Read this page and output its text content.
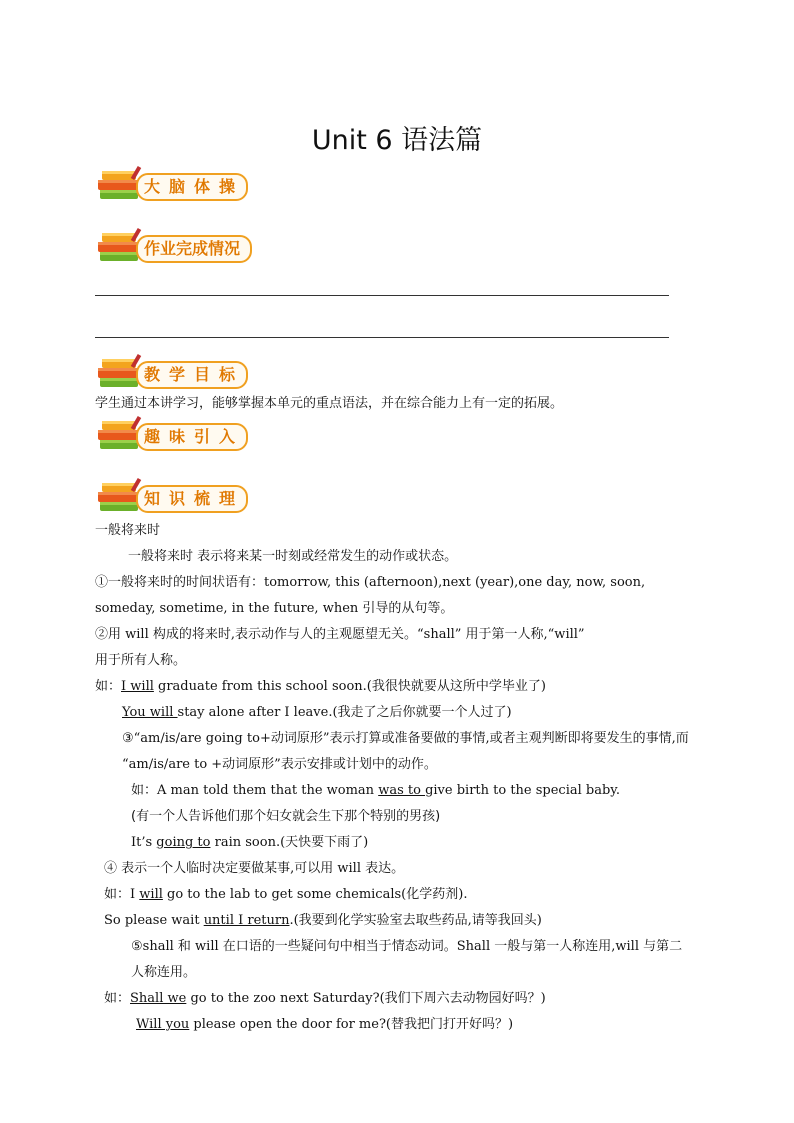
Unit 6 语法篇
大脑体操
作业完成情况
教学目标
学生通过本讲学习，能够掌握本单元的重点语法，并在综合能力上有一定的拓展。
趣味引入
知识梳理
一般将来时
一般将来时 表示将来某一时刻或经常发生的动作或状态。
①一般将来时的时间状语有：tomorrow, this (afternoon),next (year),one day, now, soon,
someday, sometime, in the future, when 引导的从句等。
②用 will 构成的将来时,表示动作与人的主观愿望无关。“shall” 用于第一人称,“will”
用于所有人称。
如：I will graduate from this school soon.(我很快就要从这所中学毕业了)
You will stay alone after I leave.(我走了之后你就要一个人过了)
③“am/is/are going to+动词原形”表示打算或准备要做的事情,或者主观判断即将要发生的事情,而
“am/is/are to +动词原形”表示安排或计划中的动作。
如：A man told them that the woman was to give birth to the special baby.
(有一个人告诉他们那个妇女就会生下那个特别的男孩)
It’s going to rain soon.(天快要下雨了)
④ 表示一个人临时决定要做某事,可以用 will 表达。
如：I will go to the lab to get some chemicals(化学药剂).
So please wait until I return.(我要到化学实验室去取些药品,请等我回头)
⑤shall 和 will 在口语的一些疑问句中相当于情态动词。Shall 一般与第一人称连用,will 与第二
人称连用。
如：Shall we go to the zoo next Saturday?(我们下周六去动物园好吗？)
Will you please open the door for me?(替我把门打开好吗？)
